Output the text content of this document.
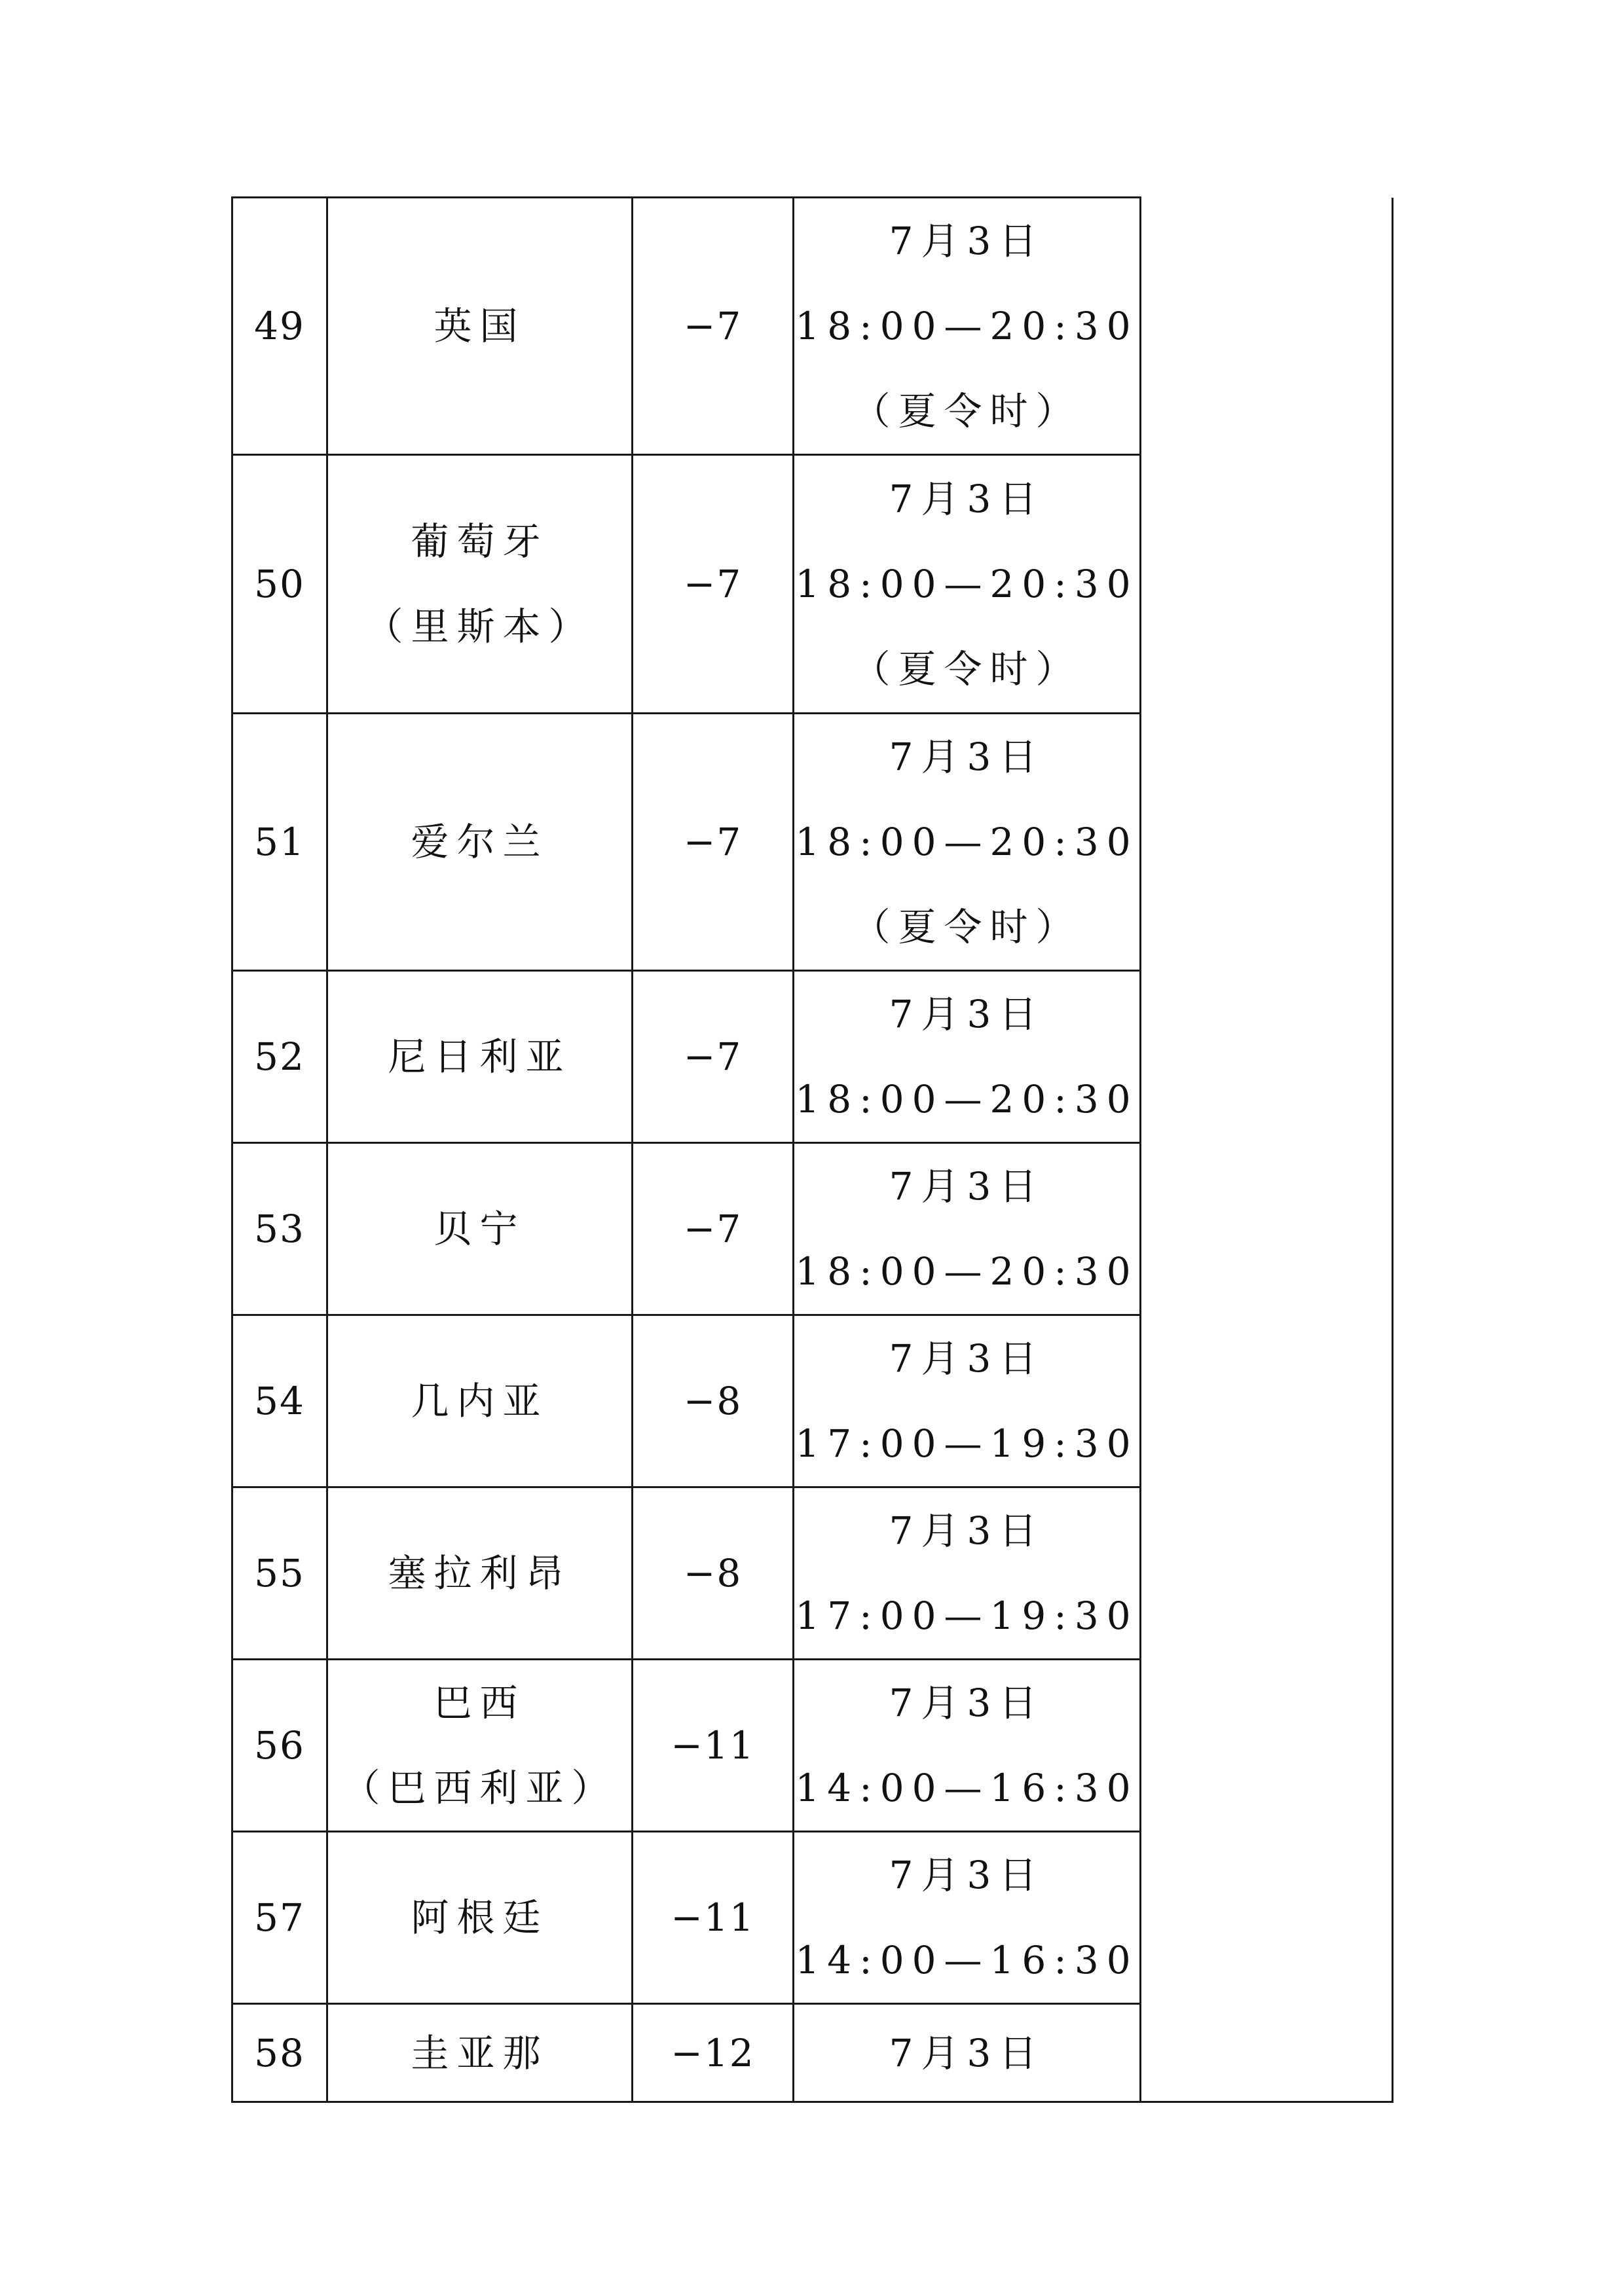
49	英国	−7	7月3日
18:00—20:30
（夏令时）	

50	葡萄牙
（里斯本）	−7	7月3日
18:00—20:30
（夏令时）	

51	爱尔兰	−7	7月3日
18:00—20:30
（夏令时）	

52	尼日利亚	−7	7月3日
18:00—20:30	

53	贝宁	−7	7月3日
18:00—20:30	

54	几内亚	−8	7月3日
17:00—19:30	

55	塞拉利昂	−8	7月3日
17:00—19:30	

56	巴西
（巴西利亚）	−11	7月3日
14:00—16:30	

57	阿根廷	−11	7月3日
14:00—16:30	

58	圭亚那	−12	7月3日	
